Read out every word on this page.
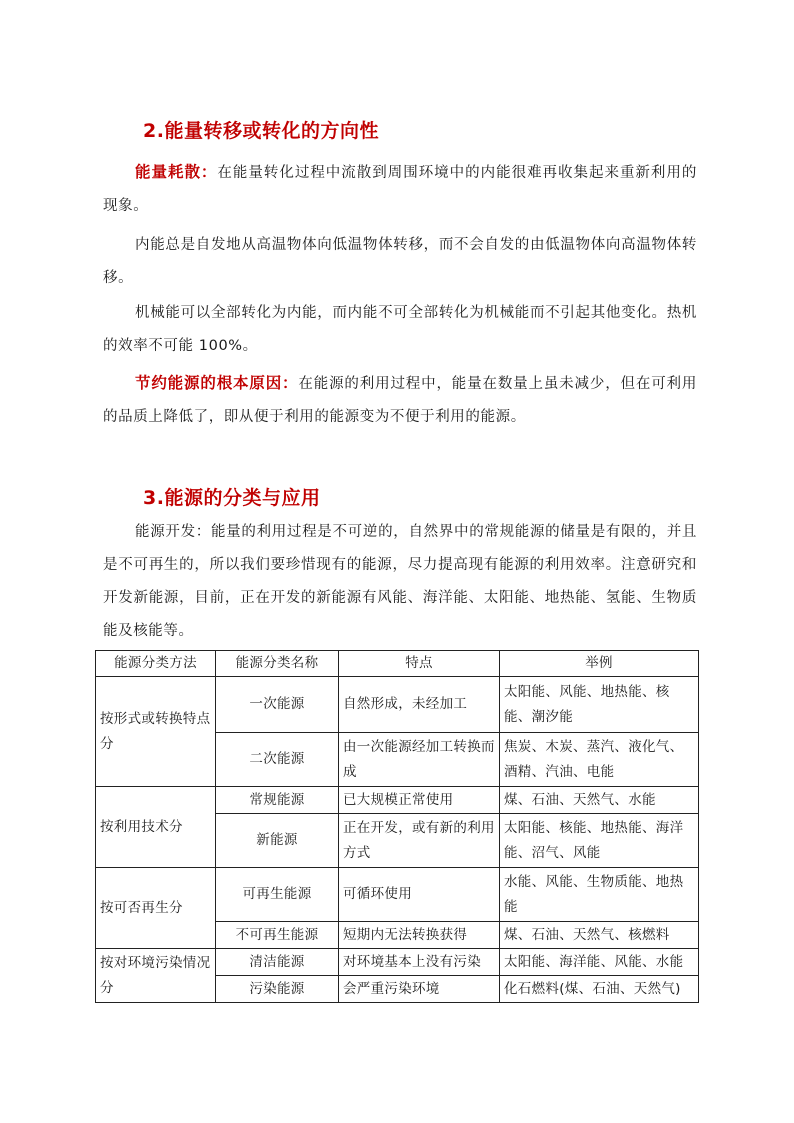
2.能量转移或转化的方向性
能量耗散：在能量转化过程中流散到周围环境中的内能很难再收集起来重新利用的现象。
内能总是自发地从高温物体向低温物体转移，而不会自发的由低温物体向高温物体转移。
机械能可以全部转化为内能，而内能不可全部转化为机械能而不引起其他变化。热机的效率不可能 100%。
节约能源的根本原因：在能源的利用过程中，能量在数量上虽未减少，但在可利用的品质上降低了，即从便于利用的能源变为不便于利用的能源。
3.能源的分类与应用
能源开发：能量的利用过程是不可逆的，自然界中的常规能源的储量是有限的，并且是不可再生的，所以我们要珍惜现有的能源，尽力提高现有能源的利用效率。注意研究和开发新能源，目前，正在开发的新能源有风能、海洋能、太阳能、地热能、氢能、生物质能及核能等。
能源分类方法	能源分类名称	特点	举例
按形式或转换特点分	一次能源	自然形成，未经加工	太阳能、风能、地热能、核能、潮汐能
	二次能源	由一次能源经加工转换而成	焦炭、木炭、蒸汽、液化气、酒精、汽油、电能
按利用技术分	常规能源	已大规模正常使用	煤、石油、天然气、水能
	新能源	正在开发，或有新的利用方式	太阳能、核能、地热能、海洋能、沼气、风能
按可否再生分	可再生能源	可循环使用	水能、风能、生物质能、地热能
	不可再生能源	短期内无法转换获得	煤、石油、天然气、核燃料
按对环境污染情况分	清洁能源	对环境基本上没有污染	太阳能、海洋能、风能、水能
	污染能源	会严重污染环境	化石燃料(煤、石油、天然气)
